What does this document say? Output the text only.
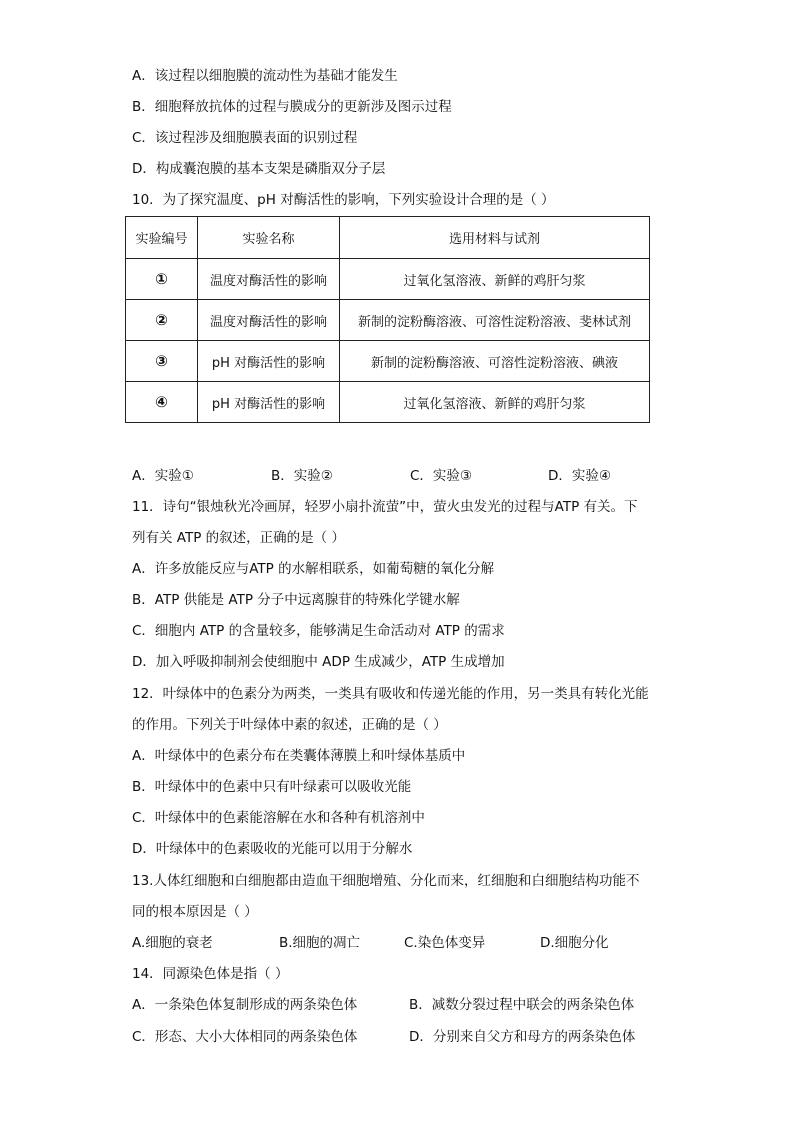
A．该过程以细胞膜的流动性为基础才能发生
B．细胞释放抗体的过程与膜成分的更新涉及图示过程
C．该过程涉及细胞膜表面的识别过程
D．构成囊泡膜的基本支架是磷脂双分子层
10．为了探究温度、pH 对酶活性的影响，下列实验设计合理的是（ ）
实验编号	实验名称	选用材料与试剂
①	温度对酶活性的影响	过氧化氢溶液、新鲜的鸡肝匀浆
②	温度对酶活性的影响	新制的淀粉酶溶液、可溶性淀粉溶液、斐林试剂
③	pH 对酶活性的影响	新制的淀粉酶溶液、可溶性淀粉溶液、碘液
④	pH 对酶活性的影响	过氧化氢溶液、新鲜的鸡肝匀浆
A．实验①	B．实验②	C．实验③	D．实验④
11．诗句“银烛秋光冷画屏，轻罗小扇扑流萤”中，萤火虫发光的过程与ATP 有关。下
列有关 ATP 的叙述，正确的是（ ）
A．许多放能反应与ATP 的水解相联系，如葡萄糖的氧化分解
B．ATP 供能是 ATP 分子中远离腺苷的特殊化学键水解
C．细胞内 ATP 的含量较多，能够满足生命活动对 ATP 的需求
D．加入呼吸抑制剂会使细胞中 ADP 生成减少，ATP 生成增加
12．叶绿体中的色素分为两类，一类具有吸收和传递光能的作用，另一类具有转化光能
的作用。下列关于叶绿体中素的叙述，正确的是（ ）
A．叶绿体中的色素分布在类囊体薄膜上和叶绿体基质中
B．叶绿体中的色素中只有叶绿素可以吸收光能
C．叶绿体中的色素能溶解在水和各种有机溶剂中
D．叶绿体中的色素吸收的光能可以用于分解水
13.人体红细胞和白细胞都由造血干细胞增殖、分化而来，红细胞和白细胞结构功能不
同的根本原因是（ ）
A.细胞的衰老	B.细胞的凋亡	C.染色体变异	D.细胞分化
14．同源染色体是指（ ）
A．一条染色体复制形成的两条染色体	B．减数分裂过程中联会的两条染色体
C．形态、大小大体相同的两条染色体	D．分别来自父方和母方的两条染色体
